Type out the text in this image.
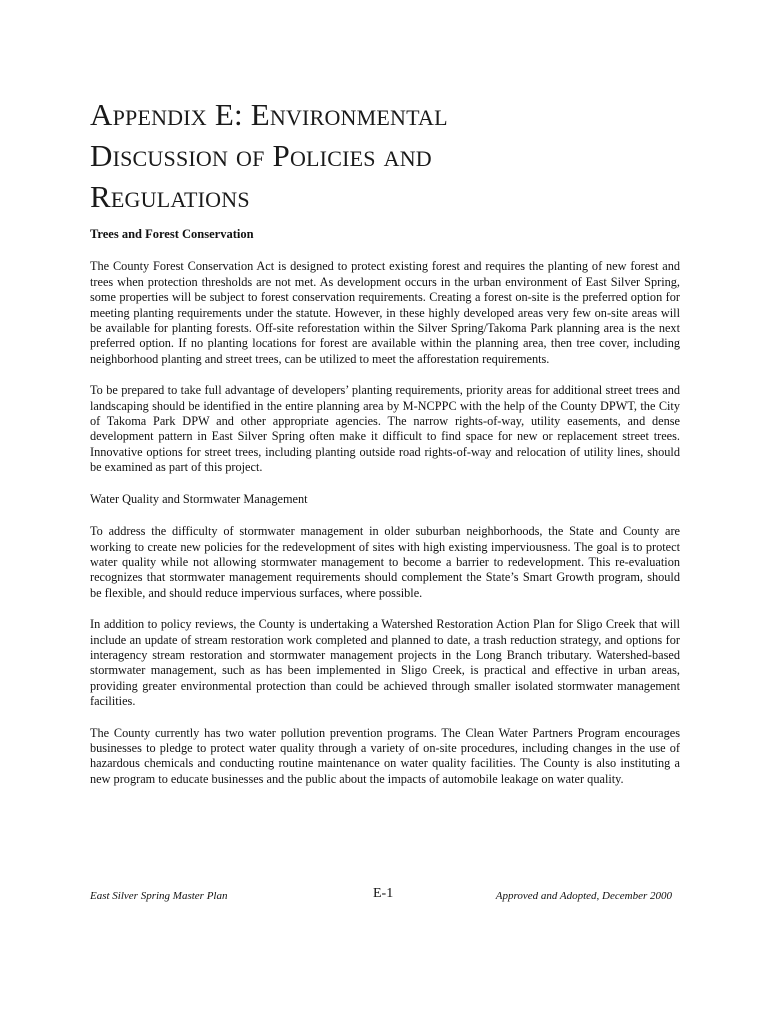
Appendix E: Environmental
Discussion of Policies and
Regulations

Trees and Forest Conservation

The County Forest Conservation Act is designed to protect existing forest and requires the planting of new forest and trees when protection thresholds are not met. As development occurs in the urban environment of East Silver Spring, some properties will be subject to forest conservation requirements. Creating a forest on-site is the preferred option for meeting planting requirements under the statute. However, in these highly developed areas very few on-site areas will be available for planting forests. Off-site reforestation within the Silver Spring/Takoma Park planning area is the next preferred option. If no planting locations for forest are available within the planning area, then tree cover, including neighborhood planting and street trees, can be utilized to meet the afforestation requirements.

To be prepared to take full advantage of developers’ planting requirements, priority areas for additional street trees and landscaping should be identified in the entire planning area by M-NCPPC with the help of the County DPWT, the City of Takoma Park DPW and other appropriate agencies. The narrow rights-of-way, utility easements, and dense development pattern in East Silver Spring often make it difficult to find space for new or replacement street trees. Innovative options for street trees, including planting outside road rights-of-way and relocation of utility lines, should be examined as part of this project.

Water Quality and Stormwater Management

To address the difficulty of stormwater management in older suburban neighborhoods, the State and County are working to create new policies for the redevelopment of sites with high existing imperviousness. The goal is to protect water quality while not allowing stormwater management to become a barrier to redevelopment. This re-evaluation recognizes that stormwater management requirements should complement the State’s Smart Growth program, should be flexible, and should reduce impervious surfaces, where possible.

In addition to policy reviews, the County is undertaking a Watershed Restoration Action Plan for Sligo Creek that will include an update of stream restoration work completed and planned to date, a trash reduction strategy, and options for interagency stream restoration and stormwater management projects in the Long Branch tributary. Watershed-based stormwater management, such as has been implemented in Sligo Creek, is practical and effective in urban areas, providing greater environmental protection than could be achieved through smaller isolated stormwater management facilities.

The County currently has two water pollution prevention programs. The Clean Water Partners Program encourages businesses to pledge to protect water quality through a variety of on-site procedures, including changes in the use of hazardous chemicals and conducting routine maintenance on water quality facilities. The County is also instituting a new program to educate businesses and the public about the impacts of automobile leakage on water quality.

East Silver Spring Master Plan	E-1	Approved and Adopted, December 2000
